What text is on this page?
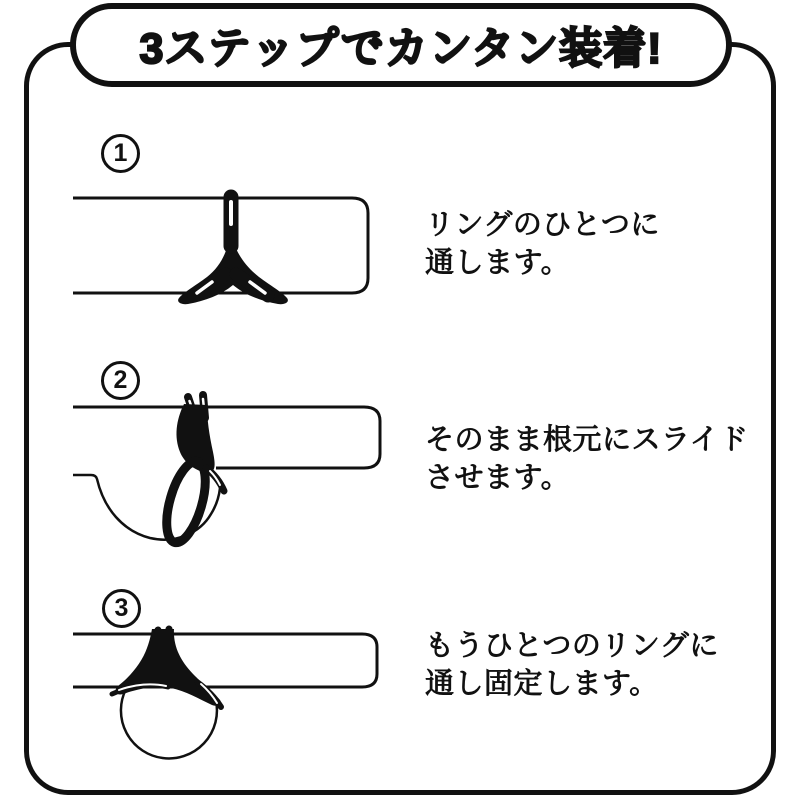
3ステップでカンタン装着!
1
2
3
リングのひとつに
通します。
そのまま根元にスライド
させます。
もうひとつのリングに
通し固定します。
